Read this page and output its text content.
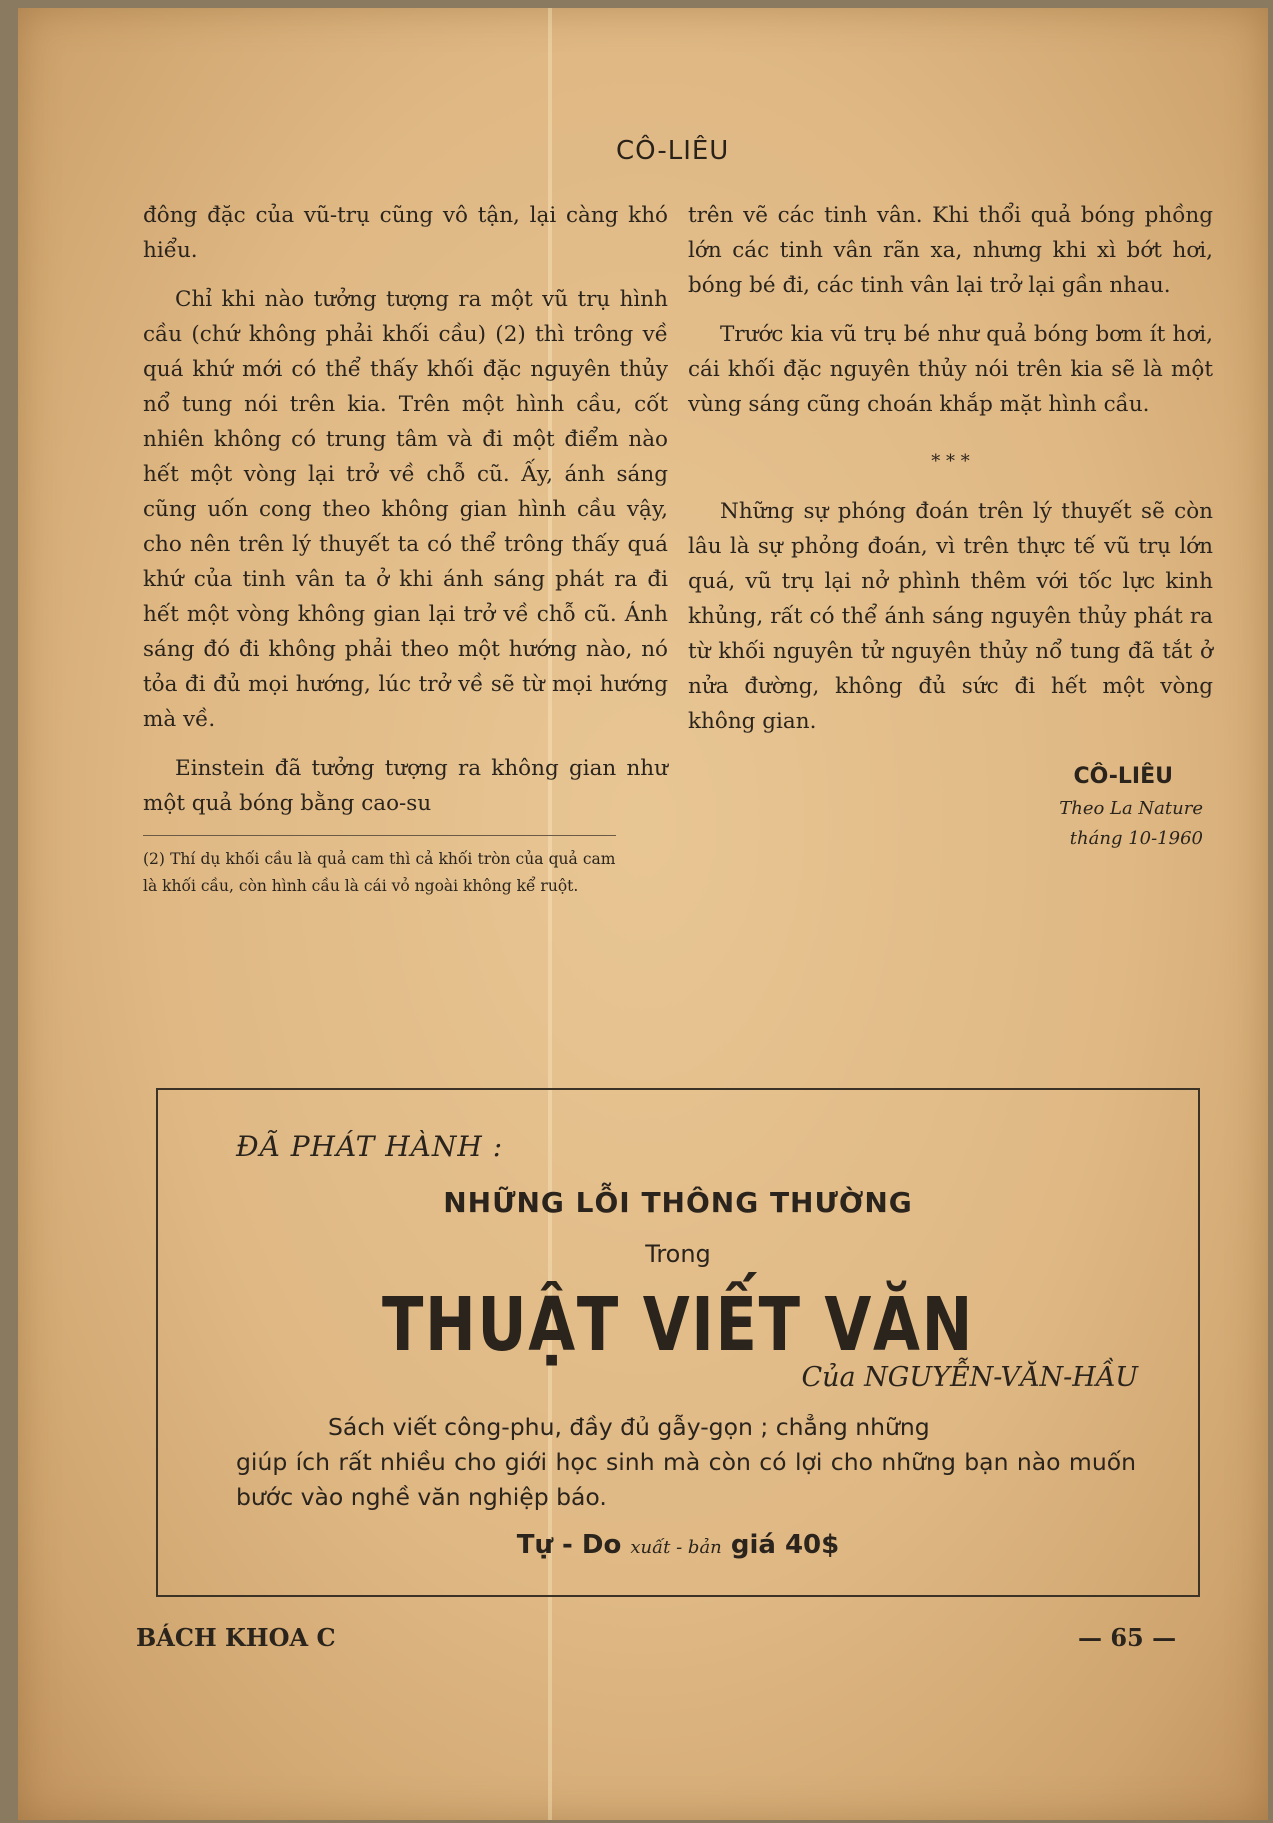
CÔ-LIÊU

đông đặc của vũ-trụ cũng vô tận, lại càng khó hiểu.

Chỉ khi nào tưởng tượng ra một vũ trụ hình cầu (chứ không phải khối cầu) (2) thì trông về quá khứ mới có thể thấy khối đặc nguyên thủy nổ tung nói trên kia. Trên một hình cầu, cốt nhiên không có trung tâm và đi một điểm nào hết một vòng lại trở về chỗ cũ. Ấy, ánh sáng cũng uốn cong theo không gian hình cầu vậy, cho nên trên lý thuyết ta có thể trông thấy quá khứ của tinh vân ta ở khi ánh sáng phát ra đi hết một vòng không gian lại trở về chỗ cũ. Ánh sáng đó đi không phải theo một hướng nào, nó tỏa đi đủ mọi hướng, lúc trở về sẽ từ mọi hướng mà về.

Einstein đã tưởng tượng ra không gian như một quả bóng bằng cao-su

(2) Thí dụ khối cầu là quả cam thì cả khối tròn của quả cam là khối cầu, còn hình cầu là cái vỏ ngoài không kể ruột.

trên vẽ các tinh vân. Khi thổi quả bóng phồng lớn các tinh vân rãn xa, nhưng khi xì bớt hơi, bóng bé đi, các tinh vân lại trở lại gần nhau.

Trước kia vũ trụ bé như quả bóng bơm ít hơi, cái khối đặc nguyên thủy nói trên kia sẽ là một vùng sáng cũng choán khắp mặt hình cầu.

* * *

Những sự phóng đoán trên lý thuyết sẽ còn lâu là sự phỏng đoán, vì trên thực tế vũ trụ lớn quá, vũ trụ lại nở phình thêm với tốc lực kinh khủng, rất có thể ánh sáng nguyên thủy phát ra từ khối nguyên tử nguyên thủy nổ tung đã tắt ở nửa đường, không đủ sức đi hết một vòng không gian.

CÔ-LIÊU
Theo La Nature
tháng 10-1960
ĐÃ PHÁT HÀNH :
NHỮNG LỖI THÔNG THƯỜNG
Trong
THUẬT VIẾT VĂN
Của NGUYỄN-VĂN-HẦU
Sách viết công-phu, đầy đủ gẫy-gọn ; chẳng những
giúp ích rất nhiều cho giới học sinh mà còn có lợi cho những bạn nào muốn bước vào nghề văn nghiệp báo.
Tự - Do xuất - bản giá 40$
BÁCH KHOA C	— 65 —
